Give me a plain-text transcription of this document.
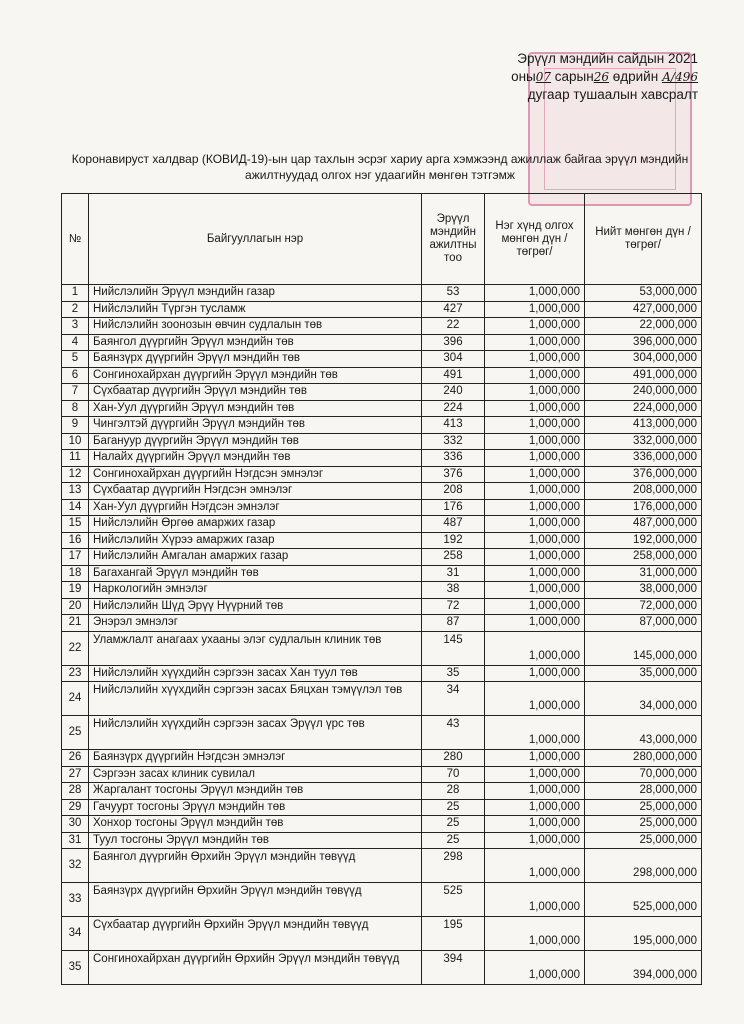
Эрүүл мэндийн сайдын 2021
оны07 сарын26 өдрийн А/496
дугаар тушаалын хавсралт
Коронавируст халдвар (КОВИД-19)-ын цар тахлын эсрэг хариу арга хэмжээнд ажиллаж байгаа эрүүл мэндийн ажилтнуудад олгох нэг удаагийн мөнгөн тэтгэмж
№	Байгууллагын нэр	Эрүүл мэндийн ажилтны тоо	Нэг хүнд олгох мөнгөн дүн /төгрөг/	Нийт мөнгөн дүн /төгрөг/
1	Нийслэлийн Эрүүл мэндийн газар	53	1,000,000	53,000,000
2	Нийслэлийн Түргэн тусламж	427	1,000,000	427,000,000
3	Нийслэлийн зоонозын өвчин судлалын төв	22	1,000,000	22,000,000
4	Баянгол дүүргийн Эрүүл мэндийн төв	396	1,000,000	396,000,000
5	Баянзүрх дүүргийн Эрүүл мэндийн төв	304	1,000,000	304,000,000
6	Сонгинохайрхан дүүргийн Эрүүл мэндийн төв	491	1,000,000	491,000,000
7	Сүхбаатар дүүргийн Эрүүл мэндийн төв	240	1,000,000	240,000,000
8	Хан-Уул дүүргийн Эрүүл мэндийн төв	224	1,000,000	224,000,000
9	Чингэлтэй дүүргийн Эрүүл мэндийн төв	413	1,000,000	413,000,000
10	Багануур дүүргийн Эрүүл мэндийн төв	332	1,000,000	332,000,000
11	Налайх дүүргийн Эрүүл мэндийн төв	336	1,000,000	336,000,000
12	Сонгинохайрхан дүүргийн Нэгдсэн эмнэлэг	376	1,000,000	376,000,000
13	Сүхбаатар дүүргийн Нэгдсэн эмнэлэг	208	1,000,000	208,000,000
14	Хан-Уул дүүргийн Нэгдсэн эмнэлэг	176	1,000,000	176,000,000
15	Нийслэлийн Өргөө амаржих газар	487	1,000,000	487,000,000
16	Нийслэлийн Хүрээ амаржих газар	192	1,000,000	192,000,000
17	Нийслэлийн Амгалан амаржих газар	258	1,000,000	258,000,000
18	Багахангай Эрүүл мэндийн төв	31	1,000,000	31,000,000
19	Наркологийн эмнэлэг	38	1,000,000	38,000,000
20	Нийслэлийн Шүд Эрүү Нүүрний төв	72	1,000,000	72,000,000
21	Энэрэл эмнэлэг	87	1,000,000	87,000,000
22	Уламжлалт анагаах ухааны элэг судлалын клиник төв	145	1,000,000	145,000,000
23	Нийслэлийн хүүхдийн сэргээн засах Хан туул төв	35	1,000,000	35,000,000
24	Нийслэлийн хүүхдийн сэргээн засах Бяцхан тэмүүлэл төв	34	1,000,000	34,000,000
25	Нийслэлийн хүүхдийн сэргээн засах Эрүүл үрс төв	43	1,000,000	43,000,000
26	Баянзүрх дүүргийн Нэгдсэн эмнэлэг	280	1,000,000	280,000,000
27	Сэргээн засах клиник сувилал	70	1,000,000	70,000,000
28	Жаргалант тосгоны Эрүүл мэндийн төв	28	1,000,000	28,000,000
29	Гачуурт тосгоны Эрүүл мэндийн төв	25	1,000,000	25,000,000
30	Хонхор тосгоны Эрүүл мэндийн төв	25	1,000,000	25,000,000
31	Туул тосгоны Эрүүл мэндийн төв	25	1,000,000	25,000,000
32	Баянгол дүүргийн Өрхийн Эрүүл мэндийн төвүүд	298	1,000,000	298,000,000
33	Баянзүрх дүүргийн Өрхийн Эрүүл мэндийн төвүүд	525	1,000,000	525,000,000
34	Сүхбаатар дүүргийн Өрхийн Эрүүл мэндийн төвүүд	195	1,000,000	195,000,000
35	Сонгинохайрхан дүүргийн Өрхийн Эрүүл мэндийн төвүүд	394	1,000,000	394,000,000
